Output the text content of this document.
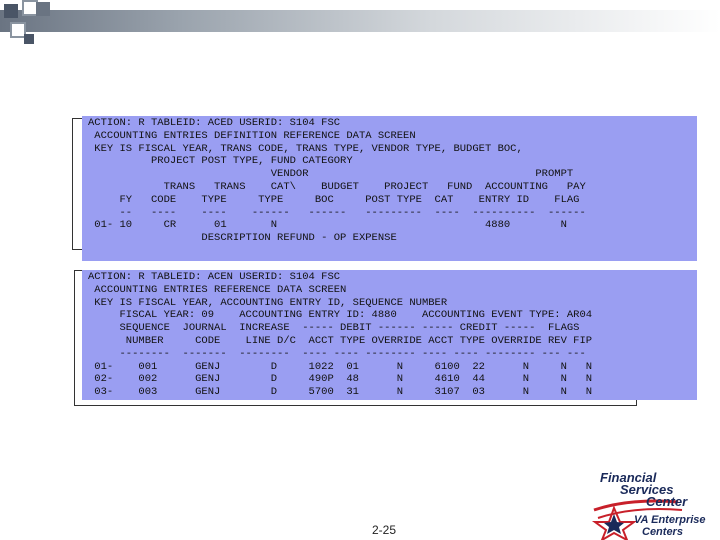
ACTION: R TABLEID: ACED USERID: S104 FSC
ACCOUNTING ENTRIES DEFINITION REFERENCE DATA SCREEN
KEY IS FISCAL YEAR, TRANS CODE, TRANS TYPE, VENDOR TYPE, BUDGET BOC,
PROJECT POST TYPE, FUND CATEGORY
VENDOR                                    PROMPT
TRANS   TRANS    CAT\    BUDGET    PROJECT   FUND  ACCOUNTING   PAY
FY   CODE    TYPE     TYPE     BOC     POST TYPE  CAT    ENTRY ID    FLAG
--   ----    ----    ------   ------   ---------  ----  ----------  ------
01- 10     CR      01       N                                 4880        N
DESCRIPTION REFUND - OP EXPENSE
ACTION: R TABLEID: ACEN USERID: S104 FSC
ACCOUNTING ENTRIES REFERENCE DATA SCREEN
KEY IS FISCAL YEAR, ACCOUNTING ENTRY ID, SEQUENCE NUMBER
FISCAL YEAR: 09    ACCOUNTING ENTRY ID: 4880    ACCOUNTING EVENT TYPE: AR04
SEQUENCE  JOURNAL  INCREASE  ----- DEBIT ------ ----- CREDIT -----  FLAGS
NUMBER     CODE    LINE D/C  ACCT TYPE OVERRIDE ACCT TYPE OVERRIDE REV FIP
--------  -------  --------  ---- ---- -------- ---- ---- -------- --- ---
01-    001      GENJ        D     1022  01      N     6100  22      N     N   N
02-    002      GENJ        D     490P  48      N     4610  44      N     N   N
03-    003      GENJ        D     5700  31      N     3107  03      N     N   N
2-25
Financial
Services
Center
VA Enterprise
Centers
